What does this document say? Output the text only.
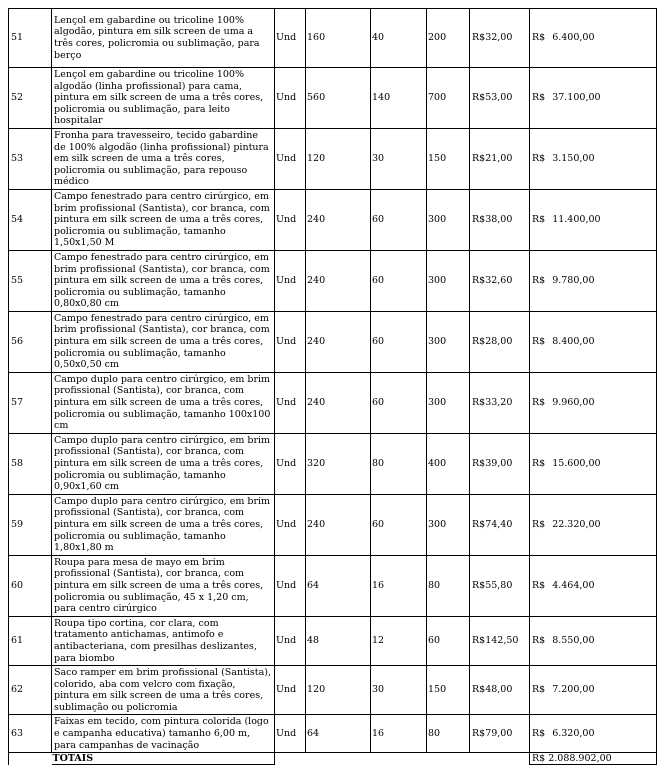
51	Lençol em gabardine ou tricoline 100% algodão, pintura em silk screen de uma a três cores, policromia ou sublimação, para berço	Und	160	40	200	R$32,00	R$ 6.400,00
52	Lençol em gabardine ou tricoline 100% algodão (linha profissional) para cama, pintura em silk screen de uma a três cores, policromia ou sublimação, para leito hospitalar	Und	560	140	700	R$53,00	R$ 37.100,00
53	Fronha para travesseiro, tecido gabardine de 100% algodão (linha profissional) pintura em silk screen de uma a três cores, policromia ou sublimação, para repouso médico	Und	120	30	150	R$21,00	R$ 3.150,00
54	Campo fenestrado para centro cirúrgico, em brim profissional (Santista), cor branca, com pintura em silk screen de uma a três cores, policromia ou sublimação, tamanho 1,50x1,50 M	Und	240	60	300	R$38,00	R$ 11.400,00
55	Campo fenestrado para centro cirúrgico, em brim profissional (Santista), cor branca, com pintura em silk screen de uma a três cores, policromia ou sublimação, tamanho 0,80x0,80 cm	Und	240	60	300	R$32,60	R$ 9.780,00
56	Campo fenestrado para centro cirúrgico, em brim profissional (Santista), cor branca, com pintura em silk screen de uma a três cores, policromia ou sublimação, tamanho 0,50x0,50 cm	Und	240	60	300	R$28,00	R$ 8.400,00
57	Campo duplo para centro cirúrgico, em brim profissional (Santista), cor branca, com pintura em silk screen de uma a três cores, policromia ou sublimação, tamanho 100x100 cm	Und	240	60	300	R$33,20	R$ 9.960,00
58	Campo duplo para centro cirúrgico, em brim profissional (Santista), cor branca, com pintura em silk screen de uma a três cores, policromia ou sublimação, tamanho 0,90x1,60 cm	Und	320	80	400	R$39,00	R$ 15.600,00
59	Campo duplo para centro cirúrgico, em brim profissional (Santista), cor branca, com pintura em silk screen de uma a três cores, policromia ou sublimação, tamanho 1,80x1,80 m	Und	240	60	300	R$74,40	R$ 22.320,00
60	Roupa para mesa de mayo em brim profissional (Santista), cor branca, com pintura em silk screen de uma a três cores, policromia ou sublimação, 45 x 1,20 cm, para centro cirúrgico	Und	64	16	80	R$55,80	R$ 4.464,00
61	Roupa tipo cortina, cor clara, com tratamento antichamas, antimofo e antibacteriana, com presilhas deslizantes, para biombo	Und	48	12	60	R$142,50	R$ 8.550,00
62	Saco ramper em brim profissional (Santista), colorido, aba com velcro com fixação, pintura em silk screen de uma a três cores, sublimação ou policromia	Und	120	30	150	R$48,00	R$ 7.200,00
63	Faixas em tecido, com pintura colorida (logo e campanha educativa) tamanho 6,00 m, para campanhas de vacinação	Und	64	16	80	R$79,00	R$ 6.320,00
	TOTAIS						R$ 2.088.902,00
